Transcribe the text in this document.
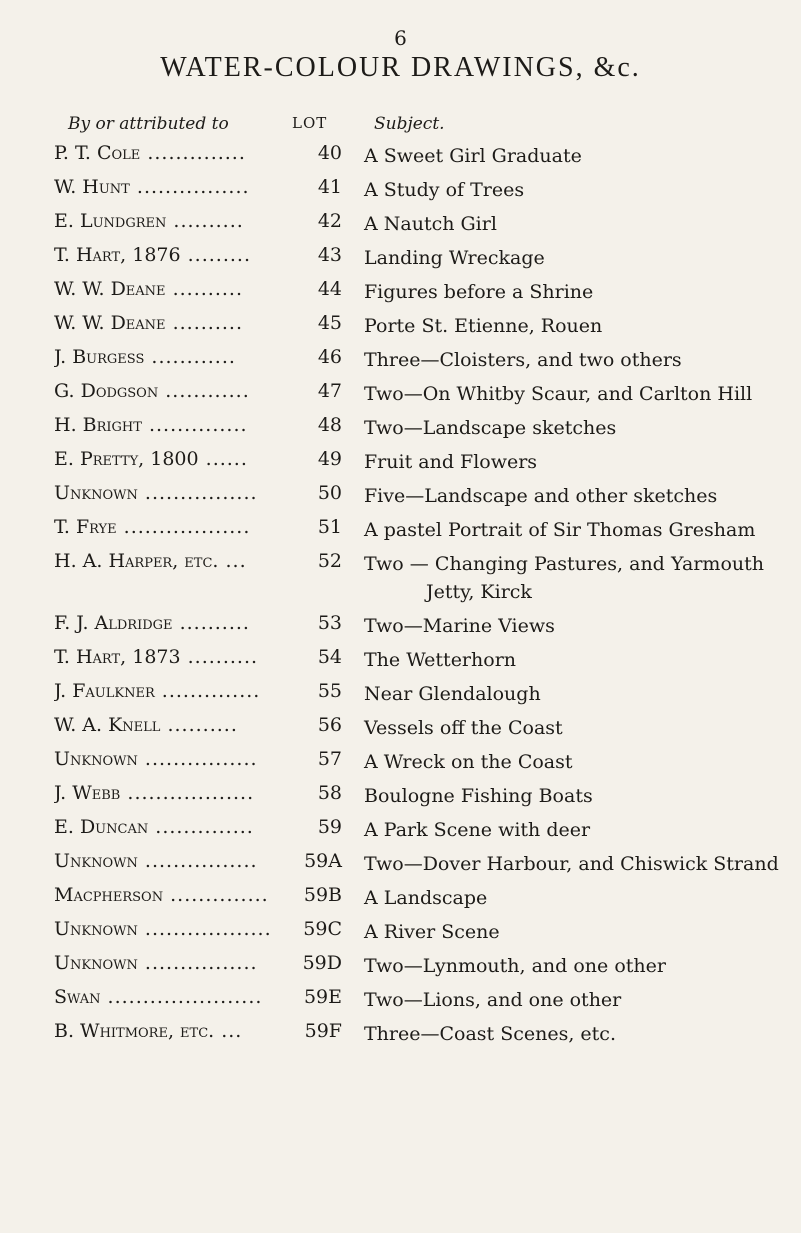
6
WATER-COLOUR DRAWINGS, &c.
By or attributed to	LOT	Subject.
P. T. Cole ..............	40 A Sweet Girl Graduate
W. Hunt ................	41 A Study of Trees
E. Lundgren ..........	42 A Nautch Girl
T. Hart, 1876 .........	43 Landing Wreckage
W. W. Deane ..........	44 Figures before a Shrine
W. W. Deane ..........	45 Porte St. Etienne, Rouen
J. Burgess ............	46 Three—Cloisters, and two others
G. Dodgson ............	47 Two—On Whitby Scaur, and Carlton Hill
H. Bright ..............	48 Two—Landscape sketches
E. Pretty, 1800 ......	49 Fruit and Flowers
Unknown ................	50 Five—Landscape and other sketches
T. Frye ..................	51 A pastel Portrait of Sir Thomas Gresham
H. A. Harper, etc. ...	52 Two — Changing Pastures, and Yarmouth
Jetty, Kirck
F. J. Aldridge ..........	53 Two—Marine Views
T. Hart, 1873 ..........	54 The Wetterhorn
J. Faulkner ..............	55 Near Glendalough
W. A. Knell ..........	56 Vessels off the Coast
Unknown ................	57 A Wreck on the Coast
J. Webb ..................	58 Boulogne Fishing Boats
E. Duncan ..............	59 A Park Scene with deer
Unknown ................	59A Two—Dover Harbour, and Chiswick Strand
Macpherson ..............	59B A Landscape
Unknown ..................	59C A River Scene
Unknown ................	59D Two—Lynmouth, and one other
Swan ......................	59E Two—Lions, and one other
B. Whitmore, etc. ...	59F Three—Coast Scenes, etc.
